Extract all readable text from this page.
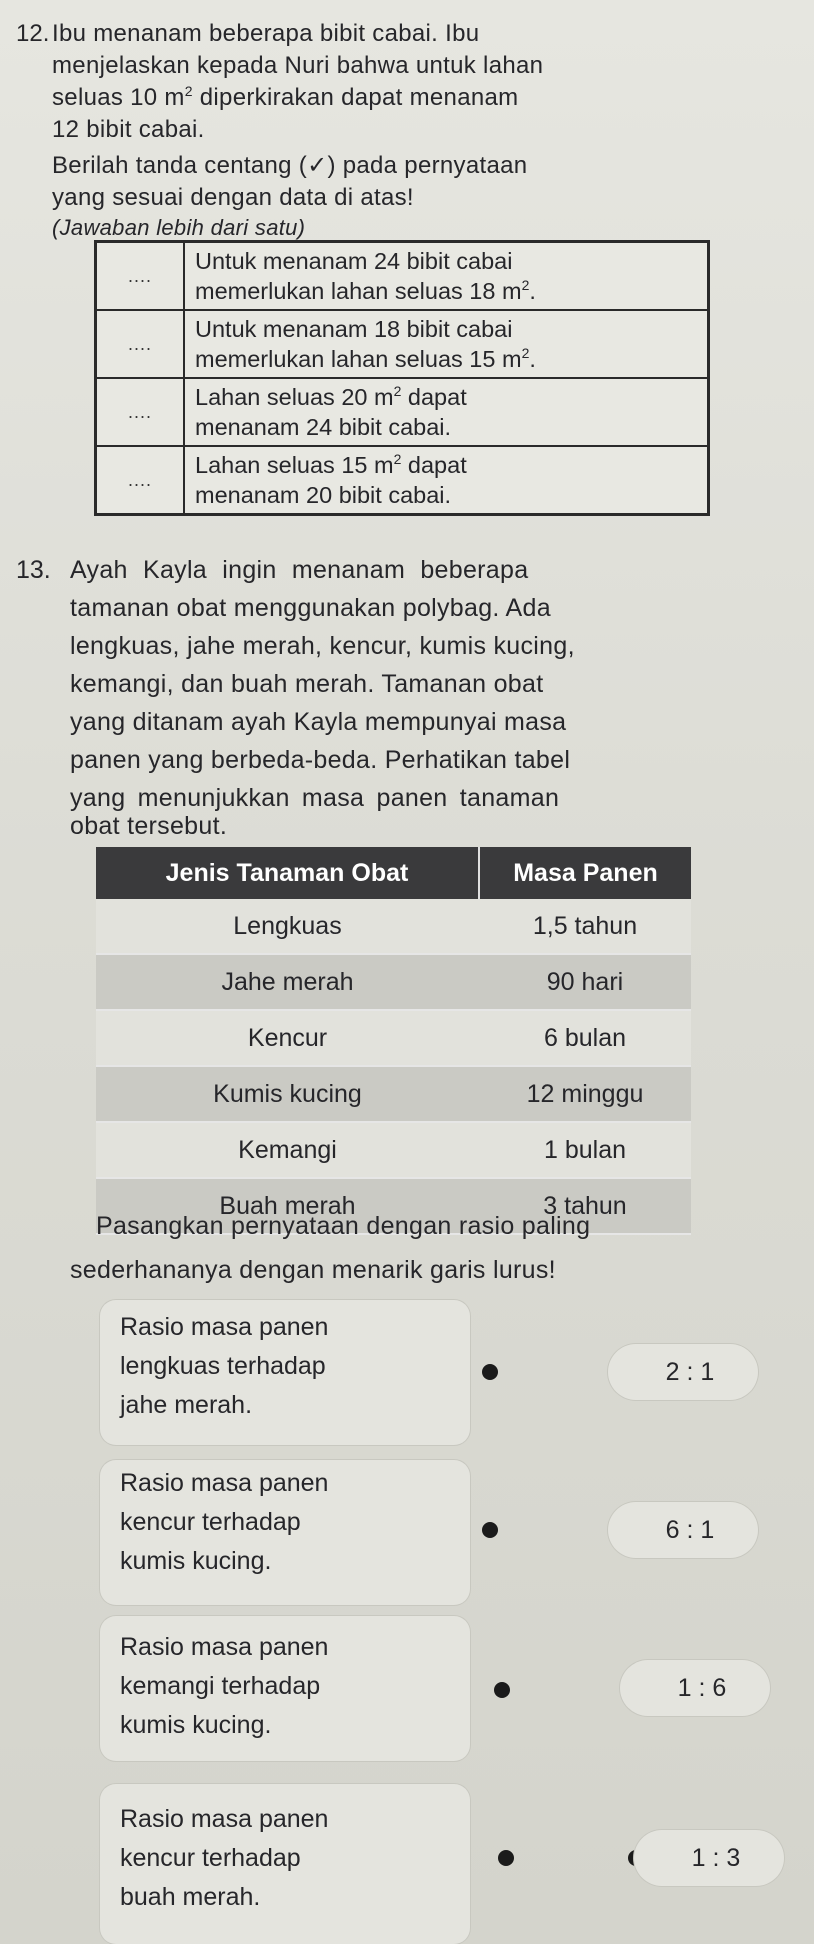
12. Ibu menanam beberapa bibit cabai. Ibu
menjelaskan kepada Nuri bahwa untuk lahan
seluas 10 $m^2$ diperkirakan dapat menanam
12 bibit cabai.
Berilah tanda centang (✓) pada pernyataan
yang sesuai dengan data di atas!
(Jawaban lebih dari satu)
....	Untuk menanam 24 bibit cabai
memerlukan lahan seluas 18 $m^2$.

....	Untuk menanam 18 bibit cabai
memerlukan lahan seluas 15 $m^2$.

....	Lahan seluas 20 $m^2$ dapat
menanam 24 bibit cabai.

....	Lahan seluas 15 $m^2$ dapat
menanam 20 bibit cabai.
13. Ayah Kayla ingin menanam beberapa
tamanan obat menggunakan polybag. Ada
lengkuas, jahe merah, kencur, kumis kucing,
kemangi, dan buah merah. Tamanan obat
yang ditanam ayah Kayla mempunyai masa
panen yang berbeda-beda. Perhatikan tabel
yang menunjukkan masa panen tanaman
obat tersebut.
Jenis Tanaman Obat	Masa Panen
Lengkuas	1,5 tahun
Jahe merah	90 hari
Kencur	6 bulan
Kumis kucing	12 minggu
Kemangi	1 bulan
Buah merah	3 tahun
Pasangkan pernyataan dengan rasio paling
sederhananya dengan menarik garis lurus!
Rasio masa panen
lengkuas terhadap
jahe merah.
2 : 1
Rasio masa panen
kencur terhadap
kumis kucing.
6 : 1
Rasio masa panen
kemangi terhadap
kumis kucing.
1 : 6
Rasio masa panen
kencur terhadap
buah merah.
1 : 3
